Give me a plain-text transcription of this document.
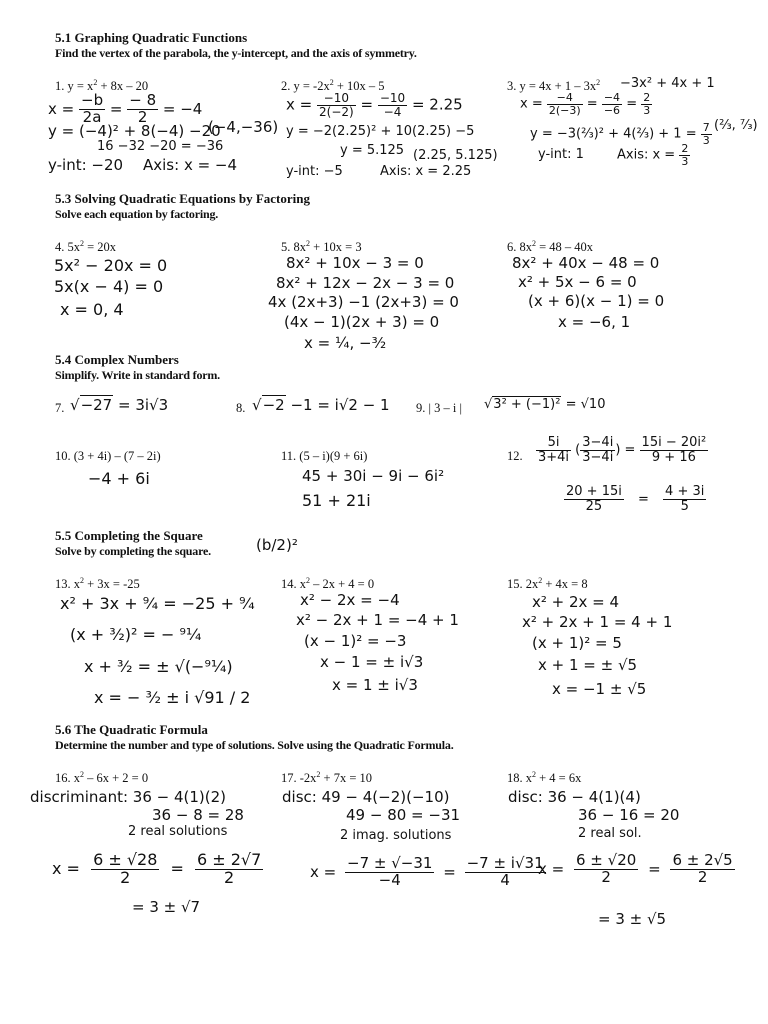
5.1 Graphing Quadratic Functions
Find the vertex of the parabola, the y-intercept, and the axis of symmetry.
1. $y = x^2 + 8x - 20$
$x = \frac{-b}{2a} = \frac{- 8}{2} = -4$
y = (−4)² + 8(−4) −20
(−4,−36)
16 −32 −20 = −36
y-int: −20 Axis: x = −4
2. $y = -2x^2 + 10x - 5$
$x = \frac{-10}{2(-2)} = \frac{-10}{-4} = 2.25$
y = −2(2.25)² + 10(2.25) −5
y = 5.125 (2.25, 5.125)
y-int: −5	Axis: x = 2.25
3. $y = 4x + 1 - 3x^2 -3x^2 + 4x + 1$
$x = \frac{-4}{2(-3)} = \frac{-4}{-6} = \frac{2}{3}$
y = −3(⅔)² + 4(⅔) + $1 = \frac{7}{3}$ (⅔, ⁷⁄₃)
y-int: 1	Axis: $x = \frac{2}{3}$
5.3 Solving Quadratic Equations by Factoring
Solve each equation by factoring.
4. $5x^2 = 20x$
5x² − 20x = 0
5x(x − 4) = 0
x = 0, 4
5. $8x^2 + 10x = 3$
8x² + 10x − 3 = 0
8x² + 12x − 2x − 3 = 0
4x (2x+3) −1 (2x+3) = 0
(4x − 1)(2x + 3) = 0
x = ¼, −³⁄₂
6. $8x^2 = 48 - 40x$
8x² + 40x − 48 = 0
x² + 5x − 6 = 0
(x + 6)(x − 1) = 0
x = −6, 1
5.4 Complex Numbers
Simplify. Write in standard form.
7. √−27 = 3i√3	8. √−2 −1 = i√2 − 1 9. | 3 – i | √3² + (−1)² = √10
10. (3 + 4i) – (7 – 2i)
−4 + 6i
11. (5 – i)(9 + 6i)
45 + 30i − 9i − 6i²
51 + 21i
12. $\frac{5i}{3+4i}$ ( $\frac{3-4i}{3-4i}$ ) = $\frac{\text{15i − 20i²}}{9 + 16}$
$\frac{20 + 15i}{25} = \frac{4 + 3i}{5}$
5.5 Completing the Square
Solve by completing the square.	(b/2)²
13. $x^2 + 3x = -25$
x² + 3x + ⁹⁄₄ = −25 + ⁹⁄₄
(x + ³⁄₂)² = − ⁹¹⁄₄
x + ³⁄₂ = ± √(−⁹¹⁄₄)
x = − ³⁄₂ ± i √91 / 2
14. $x^2 - 2x + 4 = 0$
x² − 2x = −4
x² − 2x + 1 = −4 + 1
(x − 1)² = −3
x − 1 = ± i√3
x = 1 ± i√3
15. $2x^2 + 4x = 8$
x² + 2x = 4
x² + 2x + 1 = 4 + 1
(x + 1)² = 5
x + 1 = ± √5
x = −1 ± √5
5.6 The Quadratic Formula
Determine the number and type of solutions. Solve using the Quadratic Formula.
16. $x^2 - 6x + 2 = 0$
discriminant: 36 − 4(1)(2)
36 − 8 = 28
2 real solutions
$x = \frac{6 \pm √28}{2} = \frac{6 \pm 2√7}{2}$
= 3 ± √7
17. $-2x^2 + 7x = 10$
disc: 49 − 4(−2)(−10)
49 − 80 = −31
2 imag. solutions
$x = \frac{-7 \pm √-31}{-4} = \frac{-7 \pm i√31}{4}$
18. $x^2 + 4 = 6x$
disc: 36 − 4(1)(4)
36 − 16 = 20
2 real sol.
$x = \frac{6 \pm √20}{2} = \frac{6 \pm 2√5}{2}$
= 3 ± √5
